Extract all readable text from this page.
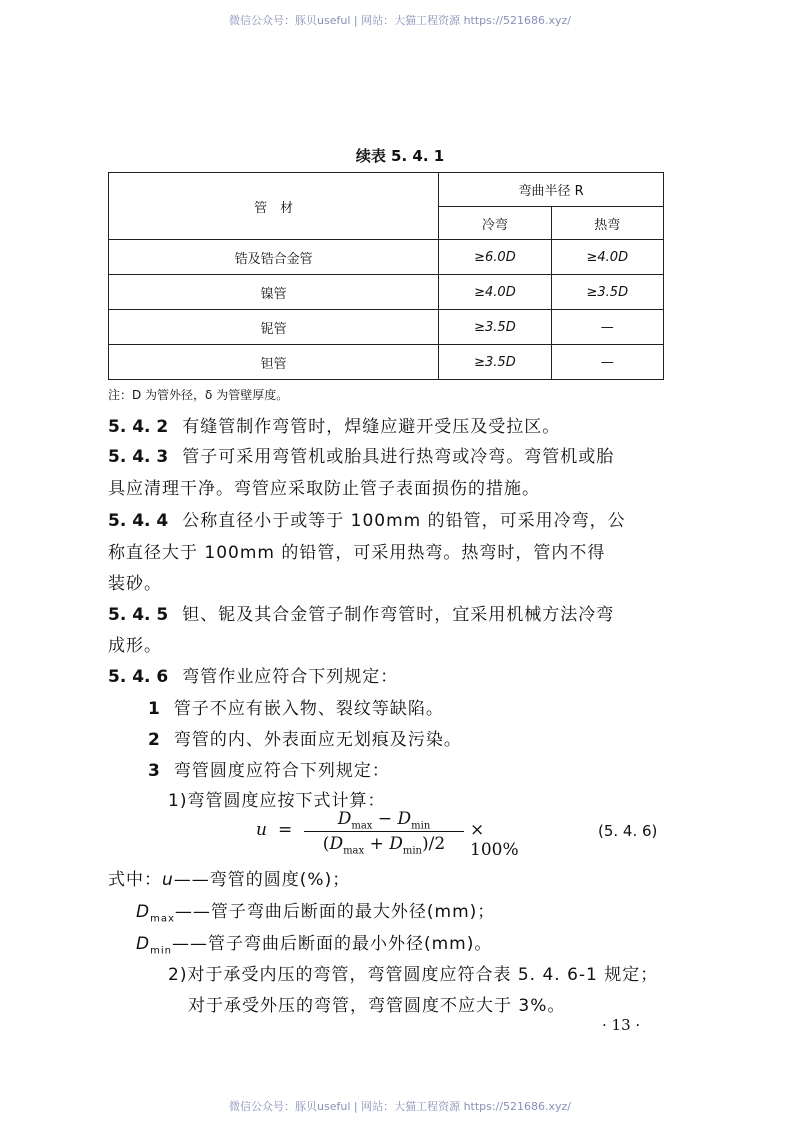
微信公众号：豚贝useful | 网站：大猫工程资源 https://521686.xyz/
续表 5. 4. 1
管　材	弯曲半径 R	
	冷弯	热弯
锆及锆合金管	≥6.0D	≥4.0D
镍管	≥4.0D	≥3.5D
铌管	≥3.5D	—
钽管	≥3.5D	—
注：D 为管外径，δ 为管壁厚度。
5. 4. 2 有缝管制作弯管时，焊缝应避开受压及受拉区。
5. 4. 3 管子可采用弯管机或胎具进行热弯或冷弯。弯管机或胎
具应清理干净。弯管应采取防止管子表面损伤的措施。
5. 4. 4 公称直径小于或等于 100mm 的铅管，可采用冷弯，公
称直径大于 100mm 的铅管，可采用热弯。热弯时，管内不得
装砂。
5. 4. 5 钽、铌及其合金管子制作弯管时，宜采用机械方法冷弯
成形。
5. 4. 6 弯管作业应符合下列规定：
1 管子不应有嵌入物、裂纹等缺陷。
2 弯管的内、外表面应无划痕及污染。
3 弯管圆度应符合下列规定：
1)弯管圆度应按下式计算：
u =
$D_{max} - D_{min}$
$(D_{max} + D_{min})/2$
× 100%
(5. 4. 6)
式中：u——弯管的圆度(%)；
$D_{max}——$管子弯曲后断面的最大外径(mm)；
$D_{min}——$管子弯曲后断面的最小外径(mm)。
2)对于承受内压的弯管，弯管圆度应符合表 5. 4. 6-1 规定；
对于承受外压的弯管，弯管圆度不应大于 3%。
· 13 ·
微信公众号：豚贝useful | 网站：大猫工程资源 https://521686.xyz/
